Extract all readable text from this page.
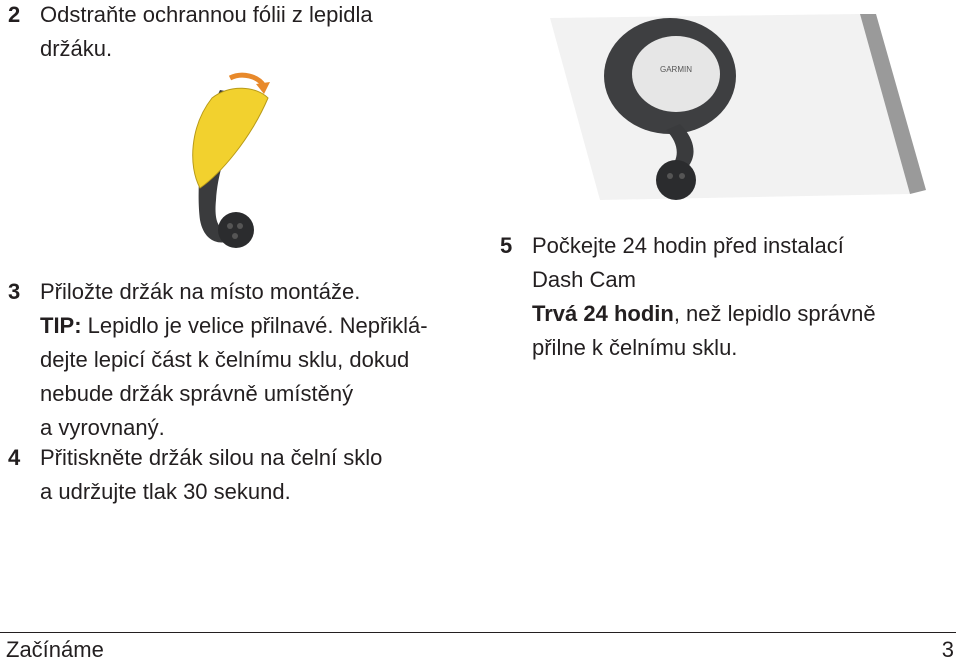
2 Odstraňte ochrannou fólii z lepidla
držáku.
GARMIN
3 Přiložte držák na místo montáže.
TIP: Lepidlo je velice přilnavé. Nepřiklá-
dejte lepicí část k čelnímu sklu, dokud
nebude držák správně umístěný
a vyrovnaný.
4 Přitiskněte držák silou na čelní sklo
a udržujte tlak 30 sekund.
5 Počkejte 24 hodin před instalací
Dash Cam
Trvá 24 hodin, než lepidlo správně
přilne k čelnímu sklu.
Začínáme	3
